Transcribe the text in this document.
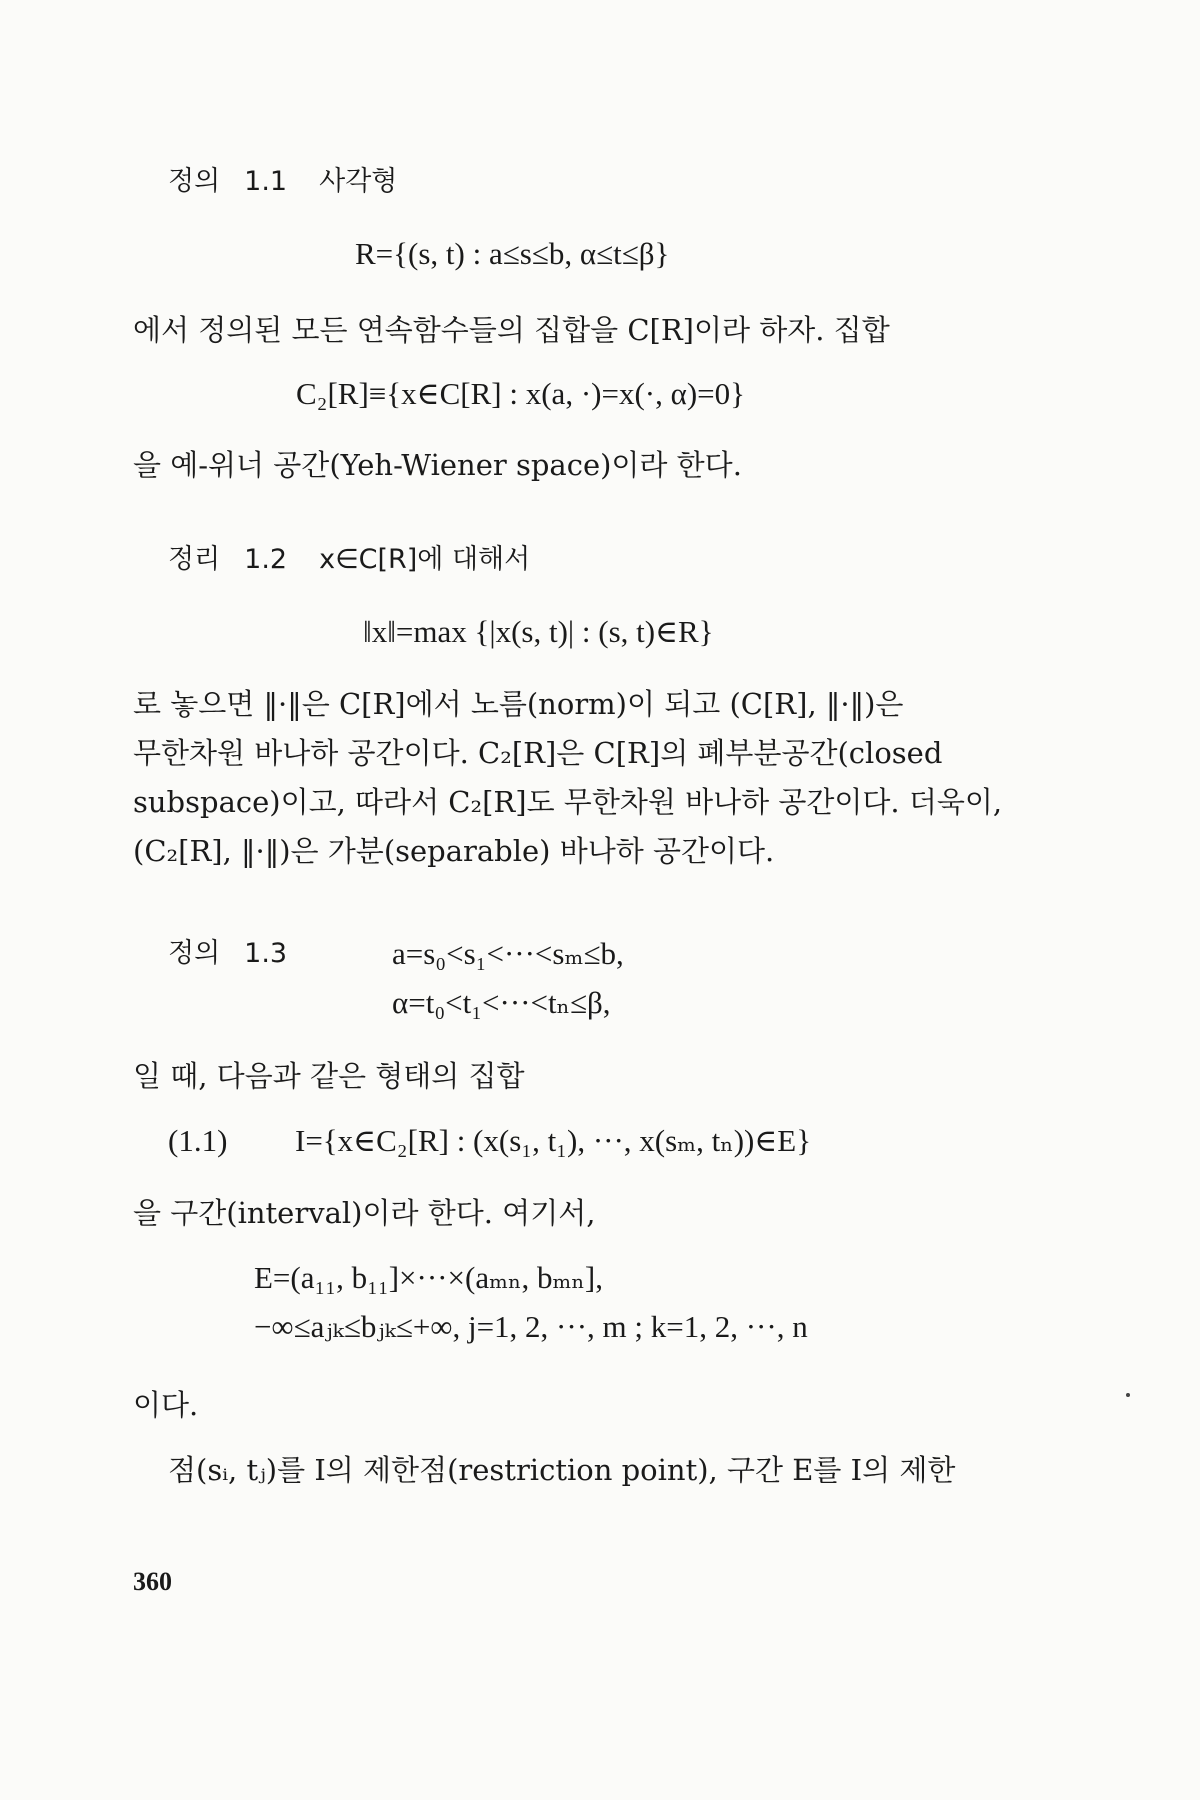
정의 1.1 사각형
R={(s, t) : a≤s≤b, α≤t≤β}
에서 정의된 모든 연속함수들의 집합을 C[R]이라 하자. 집합
C₂[R]≡{x∈C[R] : x(a, ·)=x(·, α)=0}
을 예-위너 공간(Yeh-Wiener space)이라 한다.
정리 1.2 x∈C[R]에 대해서
‖x‖=max {|x(s, t)| : (s, t)∈R}

로 놓으면 ‖·‖은 C[R]에서 노름(norm)이 되고 (C[R], ‖·‖)은

무한차원 바나하 공간이다. C₂[R]은 C[R]의 폐부분공간(closed

subspace)이고, 따라서 C₂[R]도 무한차원 바나하 공간이다. 더욱이,

(C₂[R], ‖·‖)은 가분(separable) 바나하 공간이다.

정의 1.3	a=s₀<s₁<···<sₘ≤b,
α=t₀<t₁<···<tₙ≤β,
일 때, 다음과 같은 형태의 집합
(1.1) I={x∈C₂[R] : (x(s₁, t₁), ···, x(sₘ, tₙ))∈E}
을 구간(interval)이라 한다. 여기서,
E=(a₁₁, b₁₁]×···×(aₘₙ, bₘₙ],
−∞≤aⱼₖ≤bⱼₖ≤+∞, j=1, 2, ···, m ; k=1, 2, ···, n
이다.
점(sᵢ, tⱼ)를 I의 제한점(restriction point), 구간 E를 I의 제한
360
